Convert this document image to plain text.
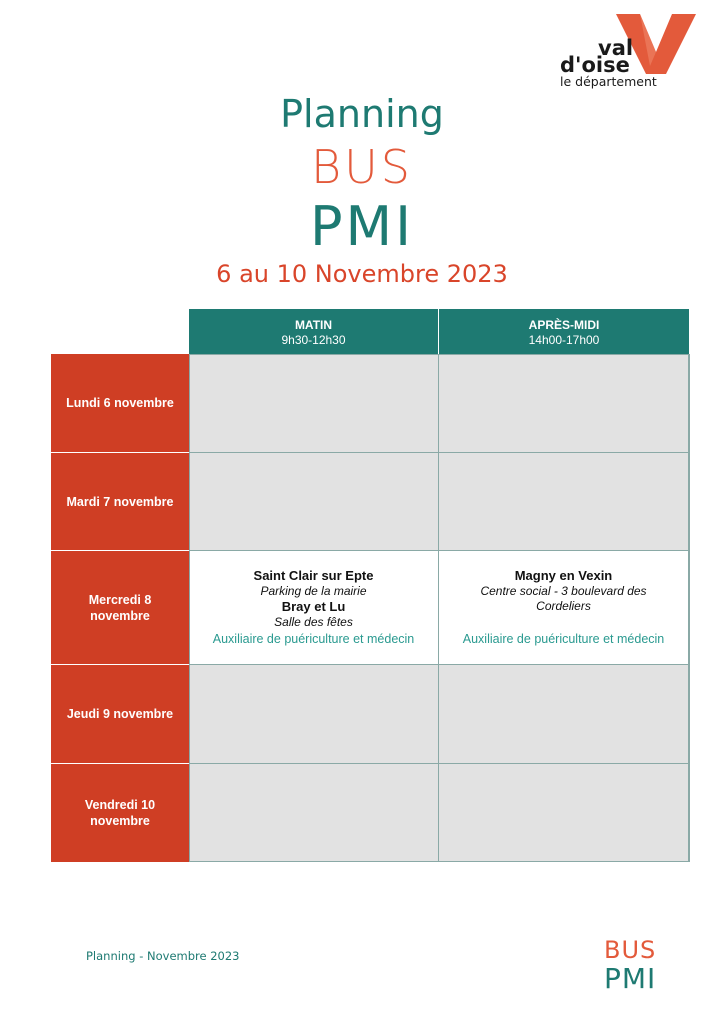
val
d'oise
le département
Planning
BUS
PMI
6 au 10 Novembre 2023
MATIN
9h30-12h30
APRÈS-MIDI
14h00-17h00
Lundi 6 novembre
Mardi 7 novembre
Mercredi 8 novembre
Saint Clair sur Epte
Parking de la mairie
Bray et Lu
Salle des fêtes
Auxiliaire de puériculture et médecin
Magny en Vexin
Centre social - 3 boulevard des Cordeliers
Auxiliaire de puériculture et médecin
Jeudi 9 novembre
Vendredi 10 novembre
Planning - Novembre 2023	BUS
PMI
